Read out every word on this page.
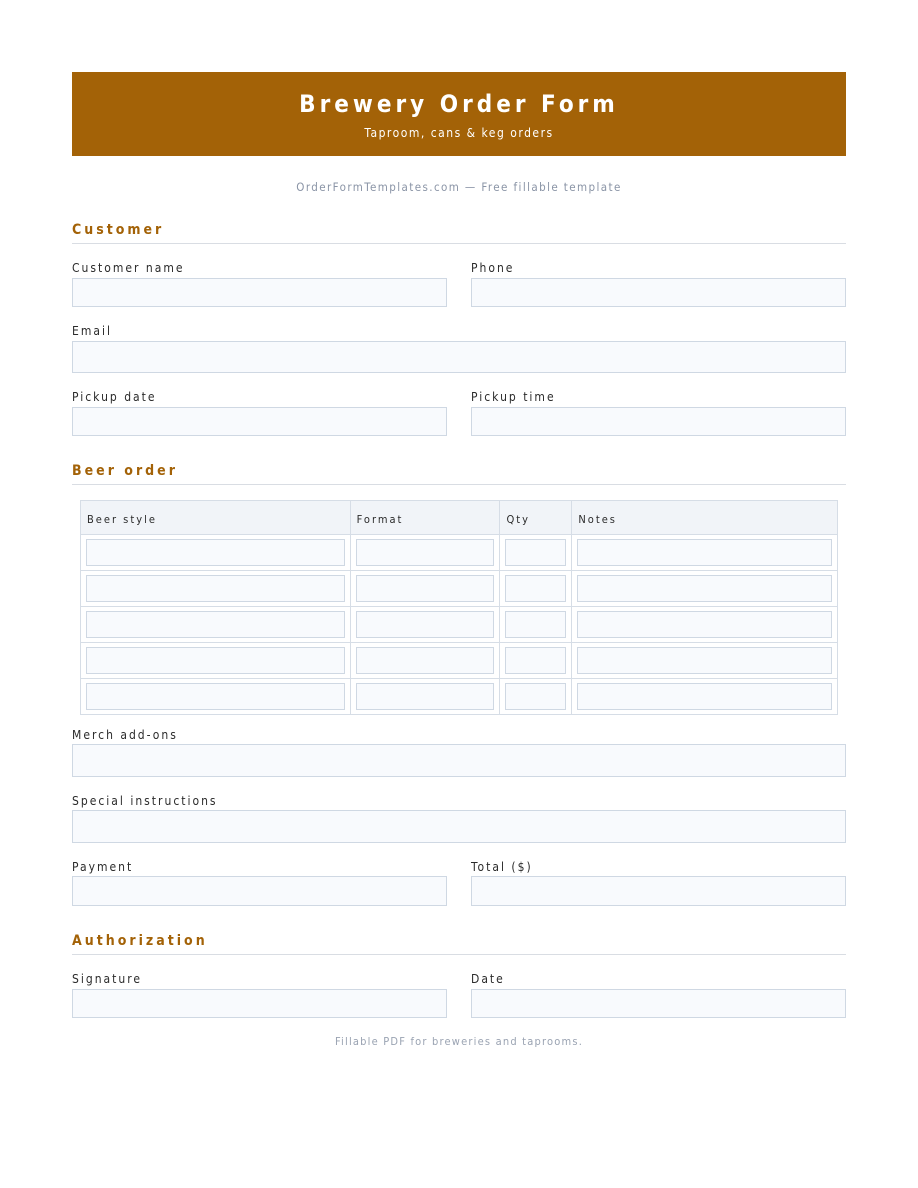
Brewery Order Form
Taproom, cans & keg orders
OrderFormTemplates.com — Free fillable template
Customer
Customer name	Phone
Email
Pickup date	Pickup time
Beer order
Beer style	Format	Qty	Notes

Merch add-ons
Special instructions
Payment	Total ($)
Authorization
Signature	Date
Fillable PDF for breweries and taprooms.
